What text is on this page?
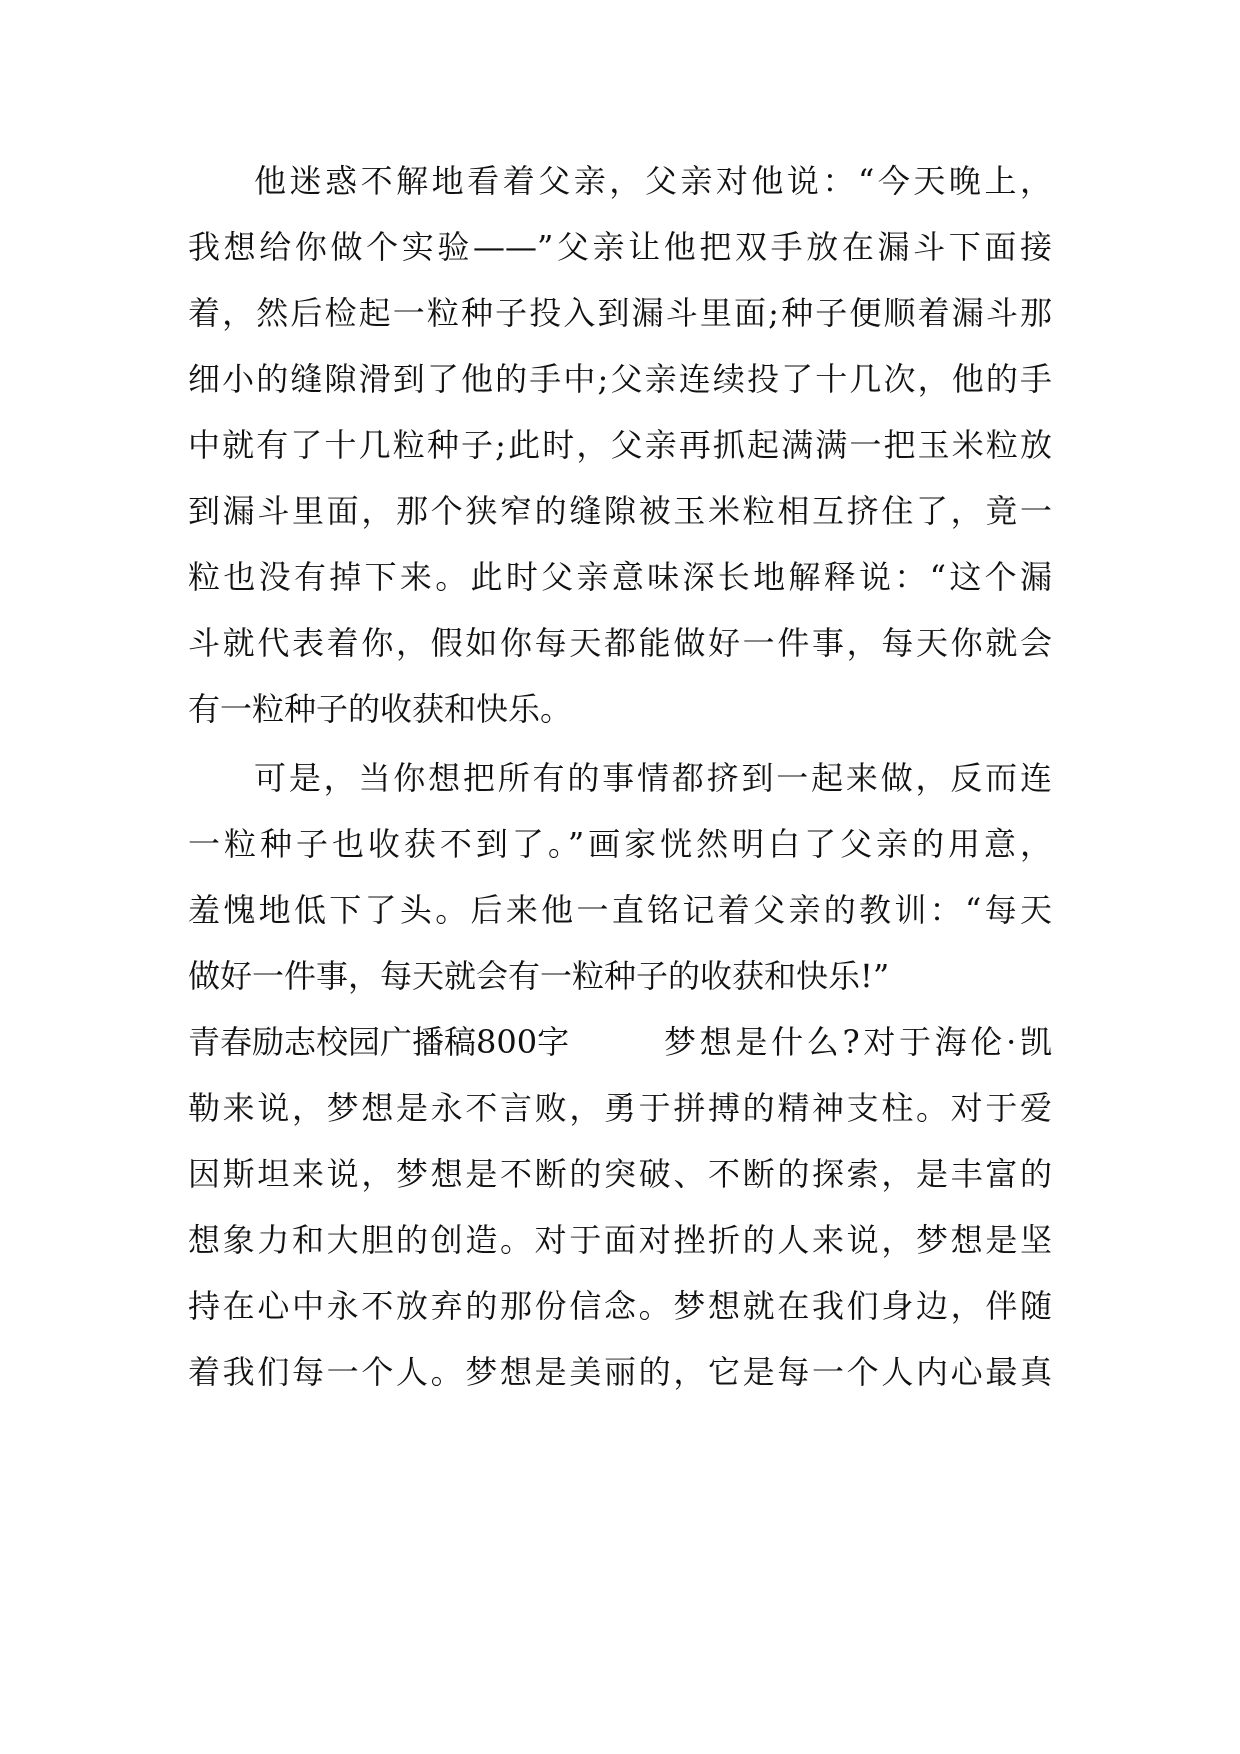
他迷惑不解地看着父亲，父亲对他说：“今天晚上，
我想给你做个实验——”父亲让他把双手放在漏斗下面接
着，然后检起一粒种子投入到漏斗里面;种子便顺着漏斗那
细小的缝隙滑到了他的手中;父亲连续投了十几次，他的手
中就有了十几粒种子;此时，父亲再抓起满满一把玉米粒放
到漏斗里面，那个狭窄的缝隙被玉米粒相互挤住了，竟一
粒也没有掉下来。此时父亲意味深长地解释说：“这个漏
斗就代表着你，假如你每天都能做好一件事，每天你就会
有一粒种子的收获和快乐。
可是，当你想把所有的事情都挤到一起来做，反而连
一粒种子也收获不到了。”画家恍然明白了父亲的用意，
羞愧地低下了头。后来他一直铭记着父亲的教训：“每天
做好一件事，每天就会有一粒种子的收获和快乐!”
青春励志校园广播稿800字	梦想是什么?对于海伦·凯
勒来说，梦想是永不言败，勇于拼搏的精神支柱。对于爱
因斯坦来说，梦想是不断的突破、不断的探索，是丰富的
想象力和大胆的创造。对于面对挫折的人来说，梦想是坚
持在心中永不放弃的那份信念。梦想就在我们身边，伴随
着我们每一个人。梦想是美丽的，它是每一个人内心最真
